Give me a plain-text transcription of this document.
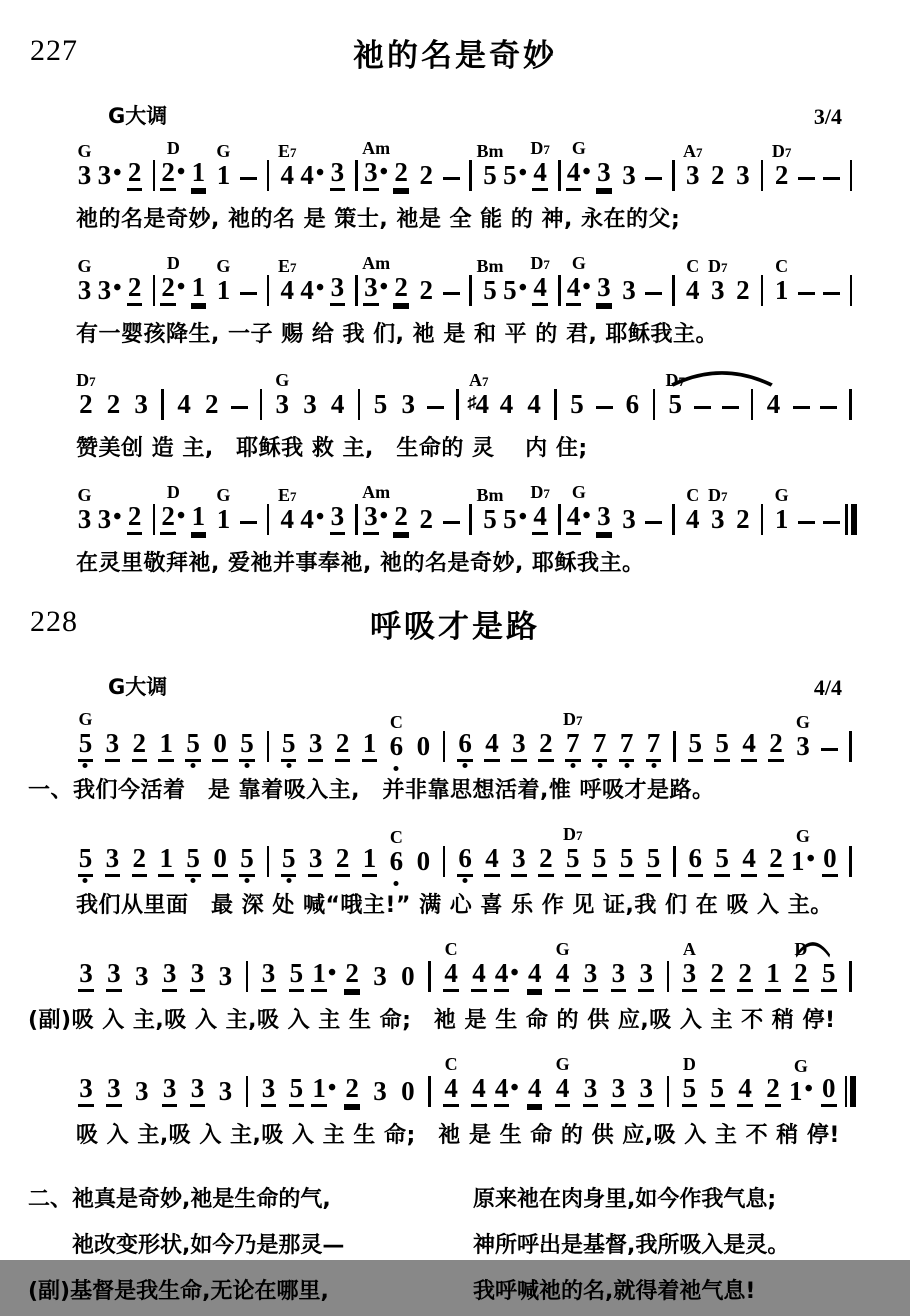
227	祂的名是奇妙
G大调	3/4
G
3 3 • 2
D
2 • 1
G
1
E7
4 4 • 3
Am
3 • 2 2
Bm
5 5 •
D7
4
G
4 • 3 3
A7
3 2 3
D7
2
祂的名是奇妙, 祂的名 是 策士, 祂是 全 能 的 神, 永在的父;
G
3 3 • 2
D
2 • 1
G
1
E7
4 4 • 3
Am
3 • 2 2
Bm
5 5 •
D7
4
G
4 • 3 3
C
4
D7
3 2
C
1
有一婴孩降生, 一子 赐 给 我 们, 祂 是 和 平 的 君, 耶稣我主。
D7
2 2 3 4 2
G
3 3 4 5 3
A7
♯ 4 4 4 5 6
D7
5	4
赞美创 造 主,　耶稣我 救 主,　生命的 灵　 内 住;
G
3 3 • 2
D
2 • 1
G
1
E7
4 4 • 3
Am
3 • 2 2
Bm
5 5 •
D7
4
G
4 • 3 3
C
4
D7
3 2
G
1
在灵里敬拜祂, 爱祂并事奉祂, 祂的名是奇妙, 耶稣我主。
228	呼吸才是路
G大调	4/4
G
5 3 2 1 5 0 5 5 3 2 1
C
6 0 6 4 3 2
D7
7 7 7 7 5 5 4 2
G
3
一、我们今活着　是 靠着吸入主,　并非靠思想活着,惟 呼吸才是路。
5 3 2 1 5 0 5 5 3 2 1
C
6 0 6 4 3 2
D7
5 5 5 5 6 5 4 2
G
1 • 0
我们从里面　最 深 处 喊“哦主!” 满 心 喜 乐 作 见 证,我 们 在 吸 入 主。
3 3 3 3 3 3 3 5 1 • 2 3 0
C
4 4 4 • 4
G
4 3 3 3
A
3 2 2 1
D
2 5
(副)吸 入 主,吸 入 主,吸 入 主 生 命;　祂 是 生 命 的 供 应,吸 入 主 不 稍 停!
3 3 3 3 3 3 3 5 1 • 2 3 0
C
4 4 4 • 4
G
4 3 3 3
D
5 5 4 2
G
1 • 0
吸 入 主,吸 入 主,吸 入 主 生 命;　祂 是 生 命 的 供 应,吸 入 主 不 稍 停!
二、祂真是奇妙,祂是生命的气,
　　祂改变形状,如今乃是那灵—
(副)基督是我生命,无论在哪里,
原来祂在肉身里,如今作我气息;
神所呼出是基督,我所吸入是灵。
我呼喊祂的名,就得着祂气息!
